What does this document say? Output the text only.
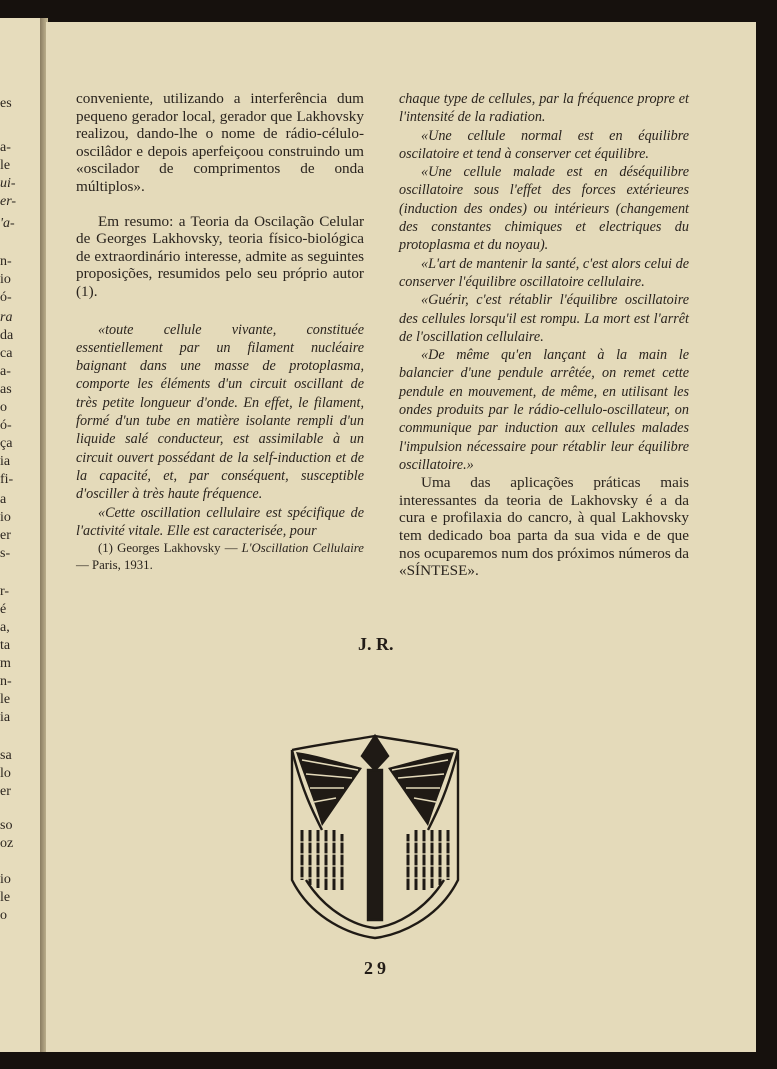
es
a-
le
ui-
er-
'a-
n-
io
ó-
ra
da
ca
a-
as
o
ó-
ça
ia
fi-
a
io
er
s-
r-
é
a,
ta
m
n-
le
ia
sa
lo
er
so
oz
io
le
o

conveniente, utilizando a interferência dum pequeno gerador local, gerador que Lakhovsky realizou, dando-lhe o nome de rádio-célulo-oscilâdor e depois aperfeiçoou construindo um «oscilador de comprimentos de onda múltiplos».

Em resumo: a Teoria da Oscilação Celular de Georges Lakhovsky, teoria físico-biológica de extraordinário interesse, admite as seguintes proposições, resumidos pelo seu próprio autor (1).

«toute cellule vivante, constituée essentiellement par un filament nucléaire baignant dans une masse de protoplasma, comporte les éléments d'un circuit oscillant de très petite longueur d'onde. En effet, le filament, formé d'un tube en matière isolante rempli d'un liquide salé conducteur, est assimilable à un circuit ouvert possédant de la self-induction et de la capacité, et, par conséquent, susceptible d'osciller à très haute fréquence.

«Cette oscillation cellulaire est spécifique de l'activité vitale. Elle est caracterisée, pour

(1) Georges Lakhovsky — L'Oscillation Cellulaire — Paris, 1931.

chaque type de cellules, par la fréquence propre et l'intensité de la radiation.

«Une cellule normal est en équilibre oscilatoire et tend à conserver cet équilibre.

«Une cellule malade est en déséquilibre oscillatoire sous l'effet des forces extérieures (induction des ondes) ou intérieurs (changement des constantes chimiques et electriques du protoplasma et du noyau).

«L'art de mantenir la santé, c'est alors celui de conserver l'équilibre oscillatoire cellulaire.

«Guérir, c'est rétablir l'équilibre oscillatoire des cellules lorsqu'il est rompu. La mort est l'arrêt de l'oscillation cellulaire.

«De même qu'en lançant à la main le balancier d'une pendule arrêtée, on remet cette pendule en mouvement, de même, en utilisant les ondes produits par le rádio-cellulo-oscillateur, on communique par induction aux cellules malades l'impulsion nécessaire pour rétablir leur équilibre oscillatoire.»

Uma das aplicações práticas mais interessantes da teoria de Lakhovsky é a da cura e profilaxia do cancro, à qual Lakhovsky tem dedicado boa parta da sua vida e de que nos ocuparemos num dos próximos números da «SÍNTESE».

J. R.
29
